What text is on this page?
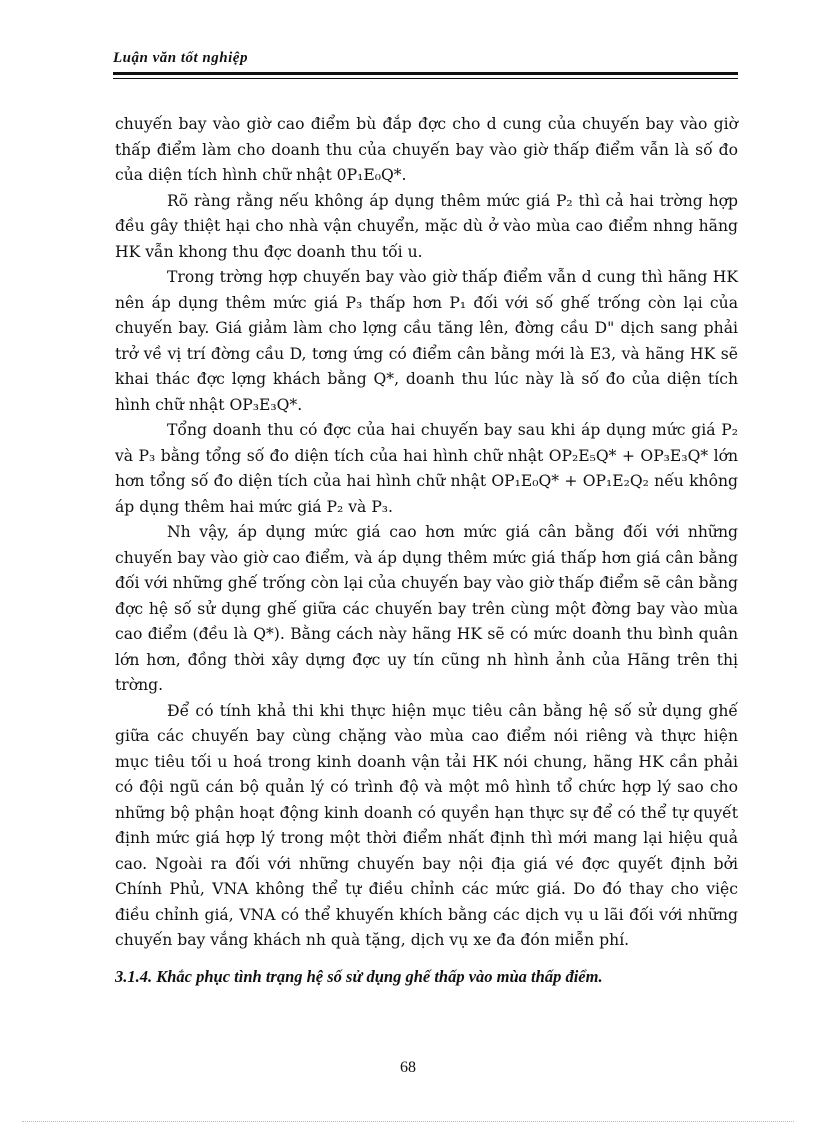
Luận văn tốt nghiệp

chuyến bay vào giờ cao điểm bù đắp đợc cho d cung của chuyến bay vào giờ thấp điểm làm cho doanh thu của chuyến bay vào giờ thấp điểm vẫn là số đo của diện tích hình chữ nhật 0P₁E₀Q*.

Rõ ràng rằng nếu không áp dụng thêm mức giá P₂ thì cả hai trờng hợp đều gây thiệt hại cho nhà vận chuyển, mặc dù ở vào mùa cao điểm nhng hãng HK vẫn khong thu đợc doanh thu tối u.

Trong trờng hợp chuyến bay vào giờ thấp điểm vẫn d cung thì hãng HK nên áp dụng thêm mức giá P₃ thấp hơn P₁ đối với số ghế trống còn lại của chuyến bay. Giá giảm làm cho lợng cầu tăng lên, đờng cầu D" dịch sang phải trở về vị trí đờng cầu D, tơng ứng có điểm cân bằng mới là E3, và hãng HK sẽ khai thác đợc lợng khách bằng Q*, doanh thu lúc này là số đo của diện tích hình chữ nhật OP₃E₃Q*.

Tổng doanh thu có đợc của hai chuyến bay sau khi áp dụng mức giá P₂ và P₃ bằng tổng số đo diện tích của hai hình chữ nhật OP₂E₅Q* + OP₃E₃Q* lớn hơn tổng số đo diện tích của hai hình chữ nhật OP₁E₀Q* + OP₁E₂Q₂ nếu không áp dụng thêm hai mức giá P₂ và P₃.

Nh vậy, áp dụng mức giá cao hơn mức giá cân bằng đối với những chuyến bay vào giờ cao điểm, và áp dụng thêm mức giá thấp hơn giá cân bằng đối với những ghế trống còn lại của chuyến bay vào giờ thấp điểm sẽ cân bằng đợc hệ số sử dụng ghế giữa các chuyến bay trên cùng một đờng bay vào mùa cao điểm (đều là Q*). Bằng cách này hãng HK sẽ có mức doanh thu bình quân lớn hơn, đồng thời xây dựng đợc uy tín cũng nh hình ảnh của Hãng trên thị trờng.

Để có tính khả thi khi thực hiện mục tiêu cân bằng hệ số sử dụng ghế giữa các chuyến bay cùng chặng vào mùa cao điểm nói riêng và thực hiện mục tiêu tối u hoá trong kinh doanh vận tải HK nói chung, hãng HK cần phải có đội ngũ cán bộ quản lý có trình độ và một mô hình tổ chức hợp lý sao cho những bộ phận hoạt động kinh doanh có quyền hạn thực sự để có thể tự quyết định mức giá hợp lý trong một thời điểm nhất định thì mới mang lại hiệu quả cao. Ngoài ra đối với những chuyến bay nội địa giá vé đợc quyết định bởi Chính Phủ, VNA không thể tự điều chỉnh các mức giá. Do đó thay cho việc điều chỉnh giá, VNA có thể khuyến khích bằng các dịch vụ u lãi đối với những chuyến bay vắng khách nh quà tặng, dịch vụ xe đa đón miễn phí.

3.1.4. Khắc phục tình trạng hệ số sử dụng ghế thấp vào mùa thấp điểm.

68
